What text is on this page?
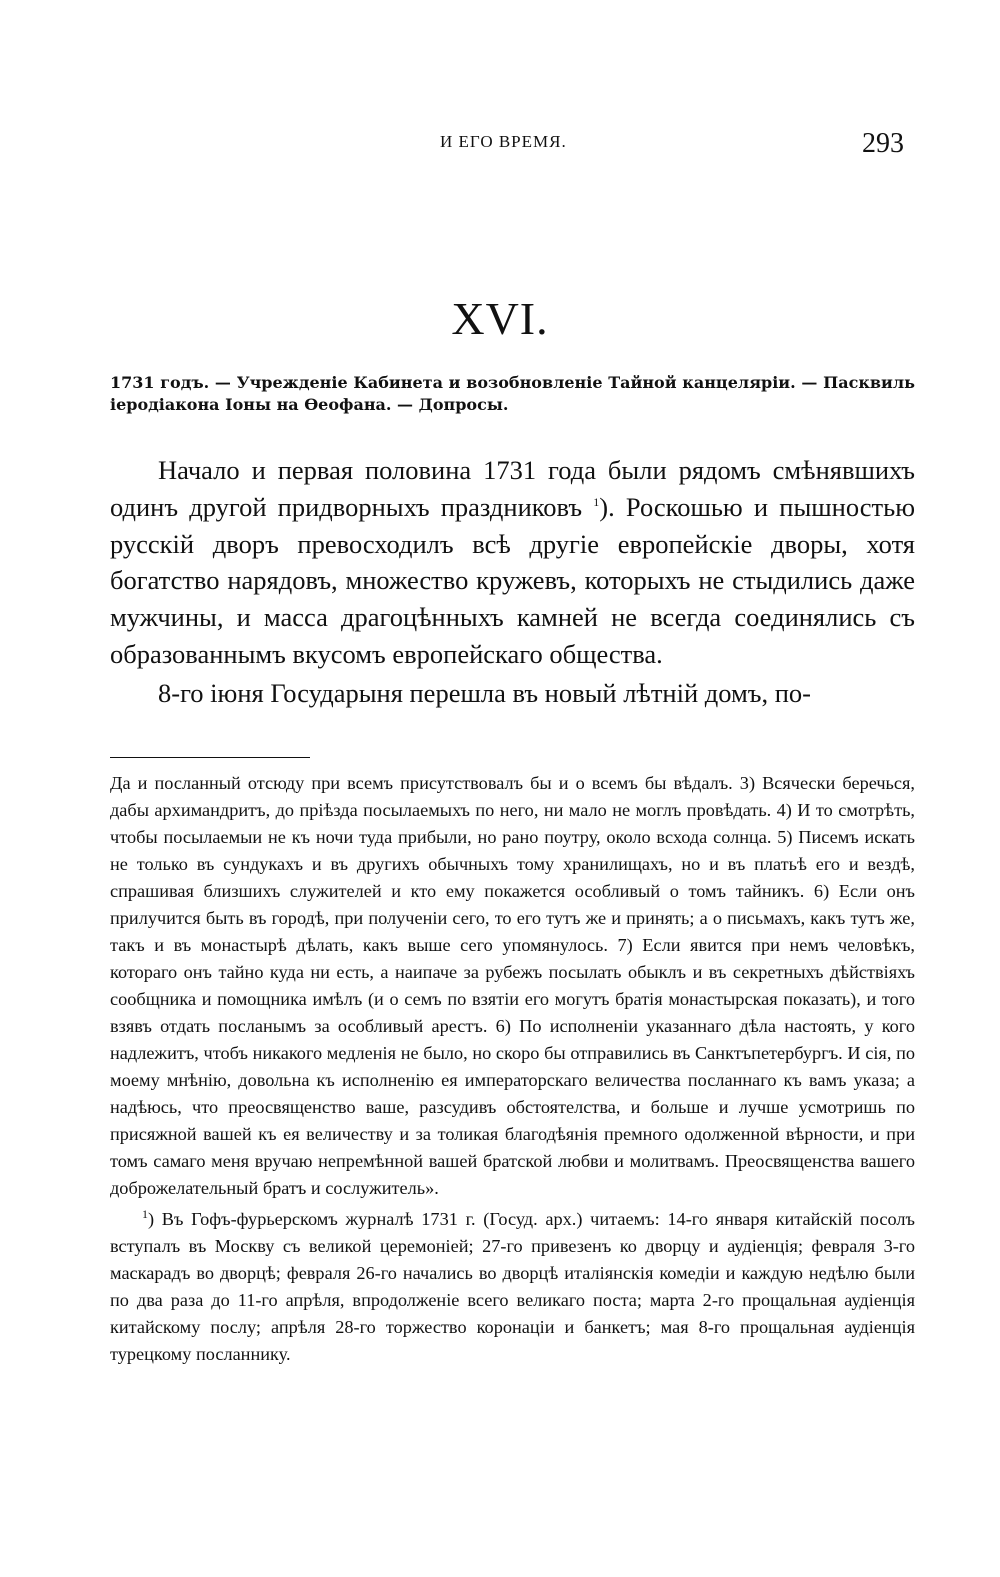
И ЕГО ВРЕМЯ.	293
XVI.
1731 годъ. — Учрежденіе Кабинета и возобновленіе Тайной канцеляріи. — Пасквиль іеродіакона Іоны на Ѳеофана. — Допросы.

Начало и первая половина 1731 года были рядомъ смѣнявшихъ одинъ другой придворныхъ праздниковъ $^1$). Роскошью и пышностью русскій дворъ превосходилъ всѣ другіе европейскіе дворы, хотя богатство нарядовъ, множество кружевъ, которыхъ не стыдились даже мужчины, и масса драгоцѣнныхъ камней не всегда соединялись съ образованнымъ вкусомъ европейскаго общества.

8-го іюня Государыня перешла въ новый лѣтній домъ, по-

Да и посланный отсюду при всемъ присутствовалъ бы и о всемъ бы вѣдалъ. 3) Всячески беречься, дабы архимандритъ, до пріѣзда посылаемыхъ по него, ни мало не моглъ провѣдать. 4) И то смотрѣть, чтобы посылаемыи не къ ночи туда прибыли, но рано поутру, около всхода солнца. 5) Писемъ искать не только въ сундукахъ и въ другихъ обычныхъ тому хранилищахъ, но и въ платьѣ его и вездѣ, спрашивая близшихъ служителей и кто ему покажется особливый о томъ тайникъ. 6) Если онъ прилучится быть въ городѣ, при полученіи сего, то его тутъ же и принять; а о письмахъ, какъ тутъ же, такъ и въ монастырѣ дѣлать, какъ выше сего упомянулось. 7) Если явится при немъ человѣкъ, котораго онъ тайно куда ни есть, а наипаче за рубежъ посылать обыклъ и въ секретныхъ дѣйствіяхъ сообщника и помощника имѣлъ (и о семъ по взятіи его могутъ братія монастырская показать), и того взявъ отдать посланымъ за особливый арестъ. 6) По исполненіи указаннаго дѣла настоять, у кого надлежитъ, чтобъ никакого медленія не было, но скоро бы отправились въ Санктъпетербургъ. И сія, по моему мнѣнію, довольна къ исполненію ея императорскаго величества посланнаго къ вамъ указа; а надѣюсь, что преосвященство ваше, разсудивъ обстоятелства, и больше и лучше усмотришь по присяжной вашей къ ея величеству и за толикая благодѣянія премного одолженной вѣрности, и при томъ самаго меня вручаю непремѣнной вашей братской любви и молитвамъ. Преосвященства вашего доброжелательный братъ и сослужитель».

$^1$) Въ Гофъ-фурьерскомъ журналѣ 1731 г. (Госуд. арх.) читаемъ: 14-го января китайскій посолъ вступалъ въ Москву съ великой церемоніей; 27-го привезенъ ко дворцу и аудіенція; февраля 3-го маскарадъ во дворцѣ; февраля 26-го начались во дворцѣ италіянскія комедіи и каждую недѣлю были по два раза до 11-го апрѣля, впродолженіе всего великаго поста; марта 2-го прощальная аудіенція китайскому послу; апрѣля 28-го торжество коронаціи и банкетъ; мая 8-го прощальная аудіенція турецкому посланнику.
